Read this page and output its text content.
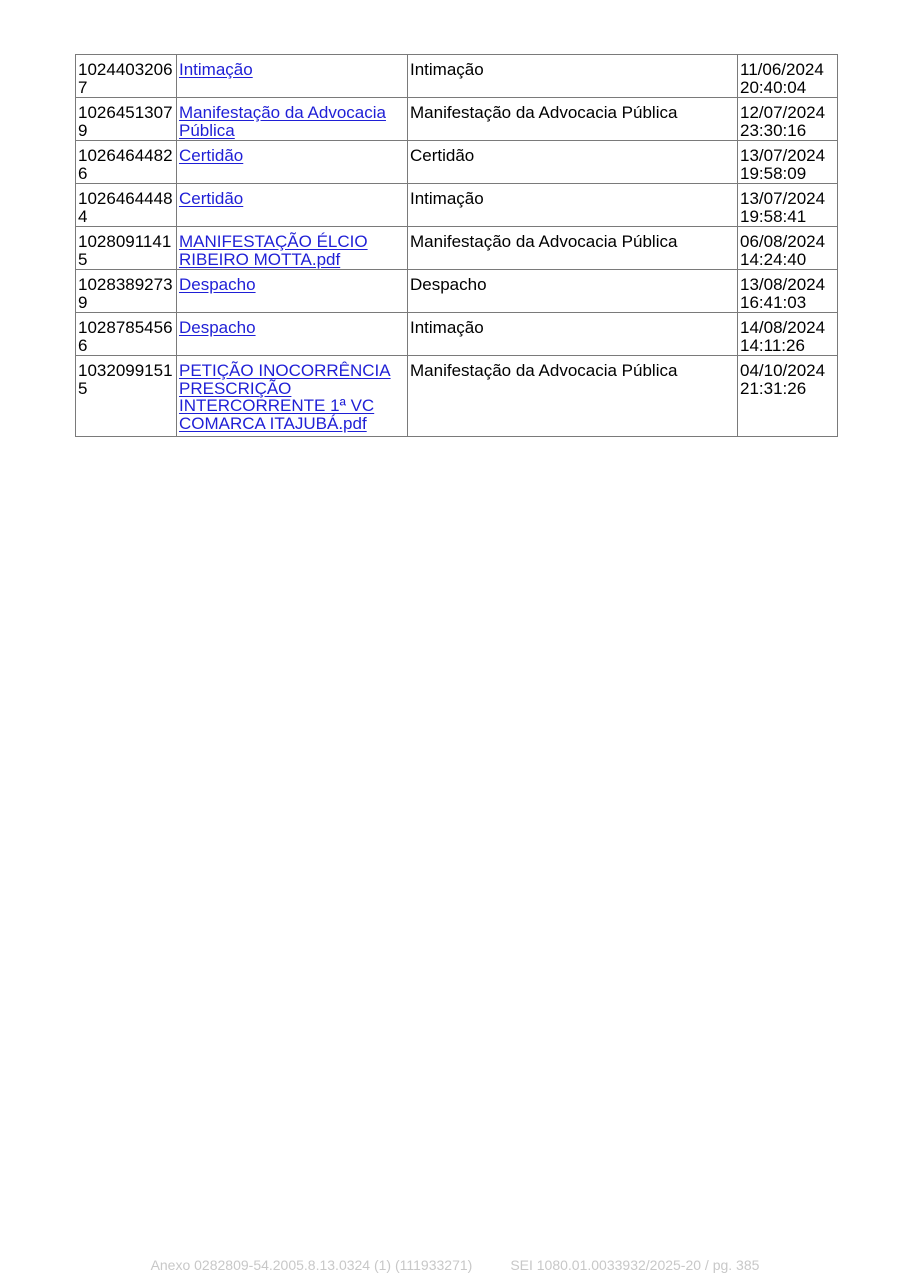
10244032067	Intimação	Intimação	11/06/2024
20:40:04
10264513079	Manifestação da Advocacia Pública	Manifestação da Advocacia Pública	12/07/2024
23:30:16
10264644826	Certidão	Certidão	13/07/2024
19:58:09
10264644484	Certidão	Intimação	13/07/2024
19:58:41
10280911415	MANIFESTAÇÃO ÉLCIO RIBEIRO MOTTA.pdf	Manifestação da Advocacia Pública	06/08/2024
14:24:40
10283892739	Despacho	Despacho	13/08/2024
16:41:03
10287854566	Despacho	Intimação	14/08/2024
14:11:26
10320991515	PETIÇÃO INOCORRÊNCIA PRESCRIÇÃO INTERCORRENTE 1ª VC COMARCA ITAJUBÁ.pdf	Manifestação da Advocacia Pública	04/10/2024
21:31:26
Anexo 0282809-54.2005.8.13.0324 (1) (111933271)	SEI 1080.01.0033932/2025-20 / pg. 385
